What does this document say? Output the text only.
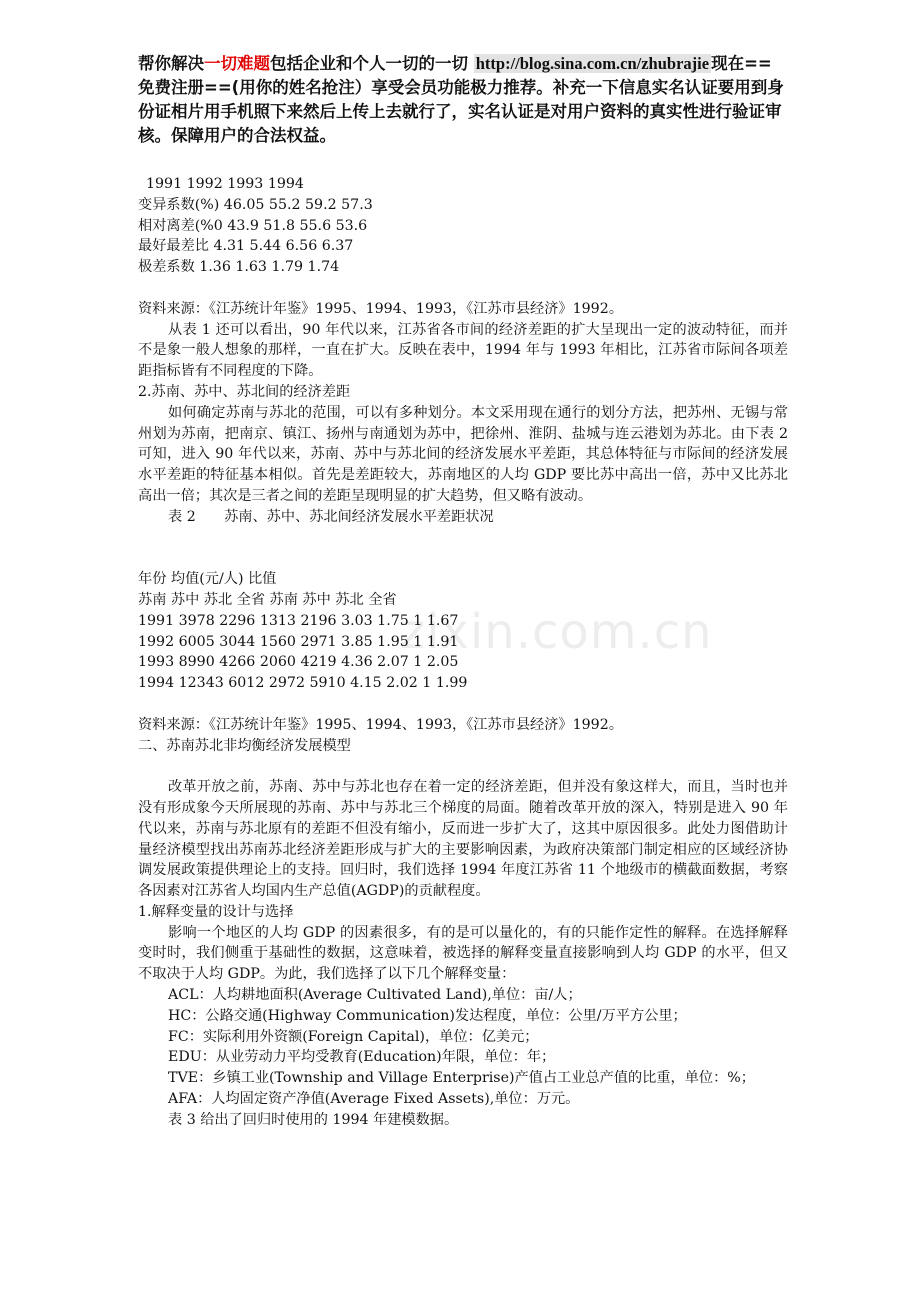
帮你解决一切难题包括企业和个人一切的一切 http://blog.sina.com.cn/zhubrajie 现在==免费注册==(用你的姓名抢注）享受会员功能极力推荐。补充一下信息实名认证要用到身份证相片用手机照下来然后上传上去就行了，实名认证是对用户资料的真实性进行验证审核。保障用户的合法权益。

1991 1992 1993 1994

变异系数(%) 46.05 55.2 59.2 57.3

相对离差(%0 43.9 51.8 55.6 53.6

最好最差比 4.31 5.44 6.56 6.37

极差系数 1.36 1.63 1.79 1.74

资料来源：《江苏统计年鉴》1995、1994、1993，《江苏市县经济》1992。

从表 1 还可以看出，90 年代以来，江苏省各市间的经济差距的扩大呈现出一定的波动特征，而并不是象一般人想象的那样，一直在扩大。反映在表中，1994 年与 1993 年相比，江苏省市际间各项差距指标皆有不同程度的下降。

2.苏南、苏中、苏北间的经济差距

如何确定苏南与苏北的范围，可以有多种划分。本文采用现在通行的划分方法，把苏州、无锡与常州划为苏南，把南京、镇江、扬州与南通划为苏中，把徐州、淮阴、盐城与连云港划为苏北。由下表 2 可知，进入 90 年代以来，苏南、苏中与苏北间的经济发展水平差距，其总体特征与市际间的经济发展水平差距的特征基本相似。首先是差距较大，苏南地区的人均 GDP 要比苏中高出一倍，苏中又比苏北高出一倍；其次是三者之间的差距呈现明显的扩大趋势，但又略有波动。

表 2　　苏南、苏中、苏北间经济发展水平差距状况

年份 均值(元/人) 比值

苏南 苏中 苏北 全省 苏南 苏中 苏北 全省

1991 3978 2296 1313 2196 3.03 1.75 1 1.67

1992 6005 3044 1560 2971 3.85 1.95 1 1.91

1993 8990 4266 2060 4219 4.36 2.07 1 2.05

1994 12343 6012 2972 5910 4.15 2.02 1 1.99

资料来源：《江苏统计年鉴》1995、1994、1993，《江苏市县经济》1992。

二、苏南苏北非均衡经济发展模型

改革开放之前，苏南、苏中与苏北也存在着一定的经济差距，但并没有象这样大，而且，当时也并没有形成象今天所展现的苏南、苏中与苏北三个梯度的局面。随着改革开放的深入，特别是进入 90 年代以来，苏南与苏北原有的差距不但没有缩小，反而进一步扩大了，这其中原因很多。此处力图借助计量经济模型找出苏南苏北经济差距形成与扩大的主要影响因素，为政府决策部门制定相应的区域经济协调发展政策提供理论上的支持。回归时，我们选择 1994 年度江苏省 11 个地级市的横截面数据，考察各因素对江苏省人均国内生产总值(AGDP)的贡献程度。

1.解释变量的设计与选择

影响一个地区的人均 GDP 的因素很多，有的是可以量化的，有的只能作定性的解释。在选择解释变时时，我们侧重于基础性的数据，这意味着，被选择的解释变量直接影响到人均 GDP 的水平，但又不取决于人均 GDP。为此，我们选择了以下几个解释变量：

ACL：人均耕地面积(Average Cultivated Land),单位：亩/人；

HC：公路交通(Highway Communication)发达程度，单位：公里/万平方公里；

FC：实际利用外资额(Foreign Capital)，单位：亿美元；

EDU：从业劳动力平均受教育(Education)年限，单位：年；

TVE：乡镇工业(Township and Village Enterprise)产值占工业总产值的比重，单位：%；

AFA：人均固定资产净值(Average Fixed Assets),单位：万元。

表 3 给出了回归时使用的 1994 年建模数据。

zixin.com.cn
